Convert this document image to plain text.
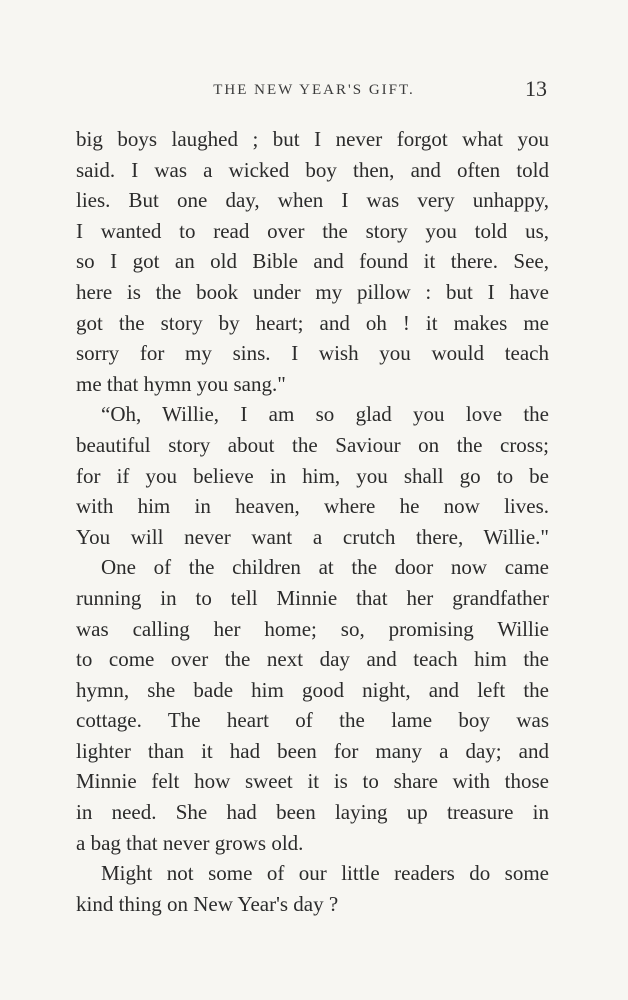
THE NEW YEAR'S GIFT.	13
big boys laughed ; but I never forgot what you
said. I was a wicked boy then, and often told
lies. But one day, when I was very unhappy,
I wanted to read over the story you told us,
so I got an old Bible and found it there. See,
here is the book under my pillow : but I have
got the story by heart; and oh ! it makes me
sorry for my sins. I wish you would teach
me that hymn you sang."
“Oh, Willie, I am so glad you love the
beautiful story about the Saviour on the cross;
for if you believe in him, you shall go to be
with him in heaven, where he now lives.
You will never want a crutch there, Willie."
One of the children at the door now came
running in to tell Minnie that her grandfather
was calling her home; so, promising Willie
to come over the next day and teach him the
hymn, she bade him good night, and left the
cottage. The heart of the lame boy was
lighter than it had been for many a day; and
Minnie felt how sweet it is to share with those
in need. She had been laying up treasure in
a bag that never grows old.
Might not some of our little readers do some
kind thing on New Year's day ?
